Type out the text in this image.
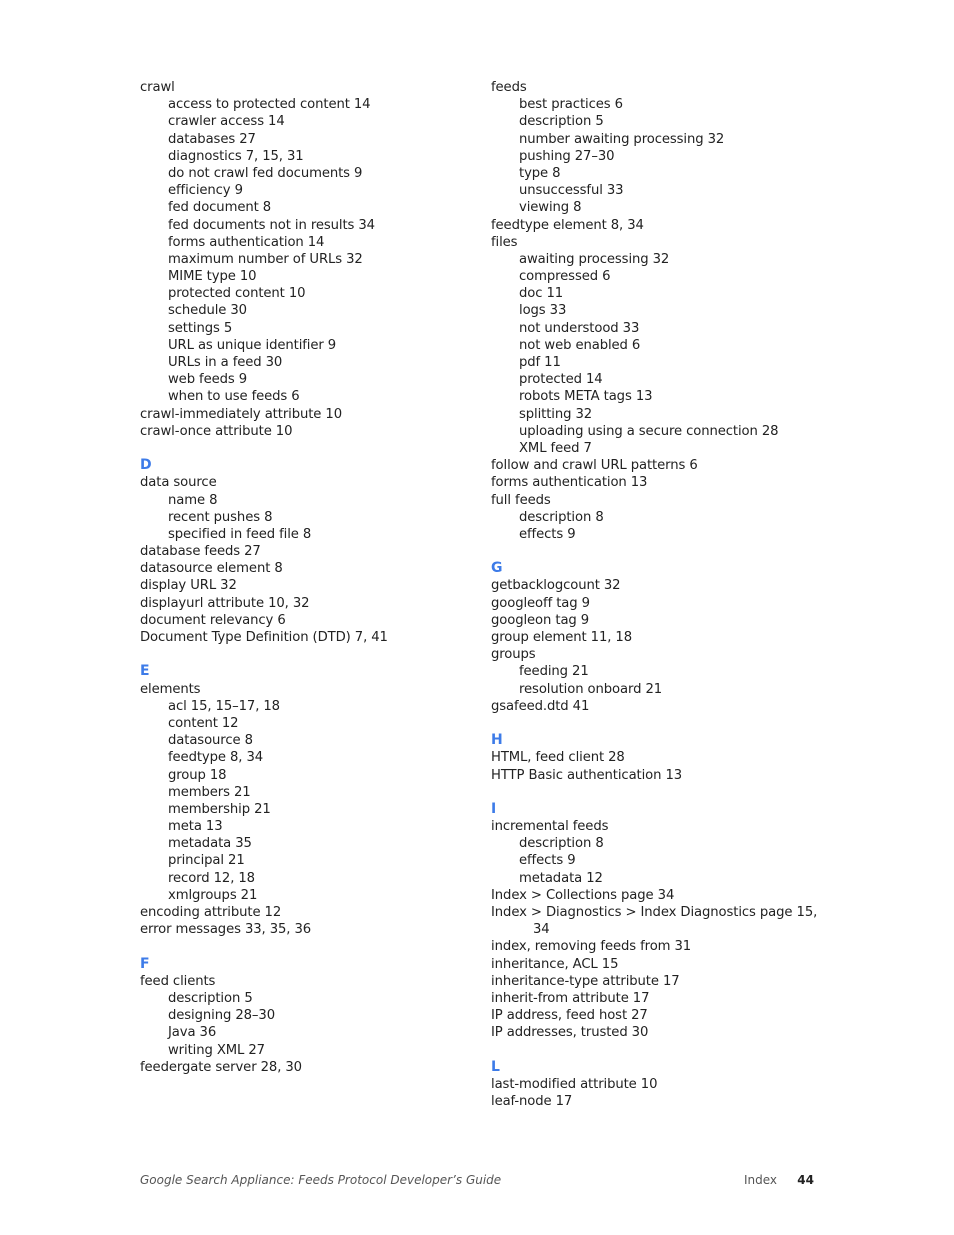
crawl
access to protected content 14
crawler access 14
databases 27
diagnostics 7, 15, 31
do not crawl fed documents 9
efficiency 9
fed document 8
fed documents not in results 34
forms authentication 14
maximum number of URLs 32
MIME type 10
protected content 10
schedule 30
settings 5
URL as unique identifier 9
URLs in a feed 30
web feeds 9
when to use feeds 6
crawl-immediately attribute 10
crawl-once attribute 10
D
data source
name 8
recent pushes 8
specified in feed file 8
database feeds 27
datasource element 8
display URL 32
displayurl attribute 10, 32
document relevancy 6
Document Type Definition (DTD) 7, 41
E
elements
acl 15, 15–17, 18
content 12
datasource 8
feedtype 8, 34
group 18
members 21
membership 21
meta 13
metadata 35
principal 21
record 12, 18
xmlgroups 21
encoding attribute 12
error messages 33, 35, 36
F
feed clients
description 5
designing 28–30
Java 36
writing XML 27
feedergate server 28, 30
feeds
best practices 6
description 5
number awaiting processing 32
pushing 27–30
type 8
unsuccessful 33
viewing 8
feedtype element 8, 34
files
awaiting processing 32
compressed 6
doc 11
logs 33
not understood 33
not web enabled 6
pdf 11
protected 14
robots META tags 13
splitting 32
uploading using a secure connection 28
XML feed 7
follow and crawl URL patterns 6
forms authentication 13
full feeds
description 8
effects 9
G
getbacklogcount 32
googleoff tag 9
googleon tag 9
group element 11, 18
groups
feeding 21
resolution onboard 21
gsafeed.dtd 41
H
HTML, feed client 28
HTTP Basic authentication 13
I
incremental feeds
description 8
effects 9
metadata 12
Index > Collections page 34
Index > Diagnostics > Index Diagnostics page 15,
34
index, removing feeds from 31
inheritance, ACL 15
inheritance-type attribute 17
inherit-from attribute 17
IP address, feed host 27
IP addresses, trusted 30
L
last-modified attribute 10
leaf-node 17
Google Search Appliance: Feeds Protocol Developer’s Guide	Index 44
